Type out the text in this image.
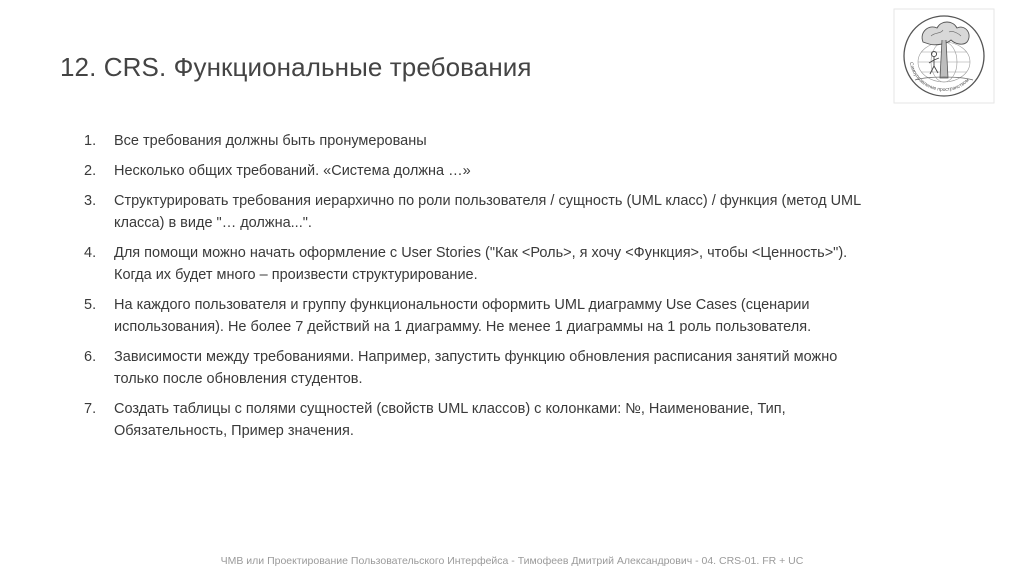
12. CRS. Функциональные требования	Самоуправление пространством
1.	Все требования должны быть пронумерованы
2.	Несколько общих требований. «Система должна …»
3.	Структурировать требования иерархично по роли пользователя / сущность (UML класс) / функция (метод UML класса) в виде "… должна...".
4.	Для помощи можно начать оформление с User Stories ("Как <Роль>, я хочу <Функция>, чтобы <Ценность>"). Когда их будет много – произвести структурирование.
5.	На каждого пользователя и группу функциональности оформить UML диаграмму Use Cases (сценарии использования). Не более 7 действий на 1 диаграмму. Не менее 1 диаграммы на 1 роль пользователя.
6.	Зависимости между требованиями. Например, запустить функцию обновления расписания занятий можно только после обновления студентов.
7.	Создать таблицы с полями сущностей (свойств UML классов) с колонками: №, Наименование, Тип, Обязательность, Пример значения.
ЧМВ или Проектирование Пользовательского Интерфейса - Тимофеев Дмитрий Александрович - 04. CRS-01. FR + UC
